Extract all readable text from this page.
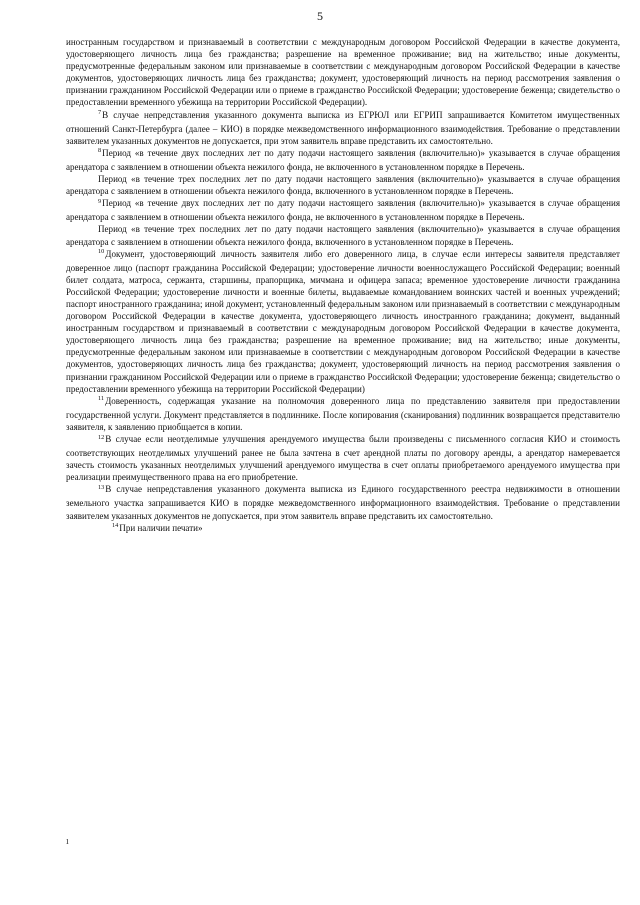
5

иностранным государством и признаваемый в соответствии с международным договором Российской Федерации в качестве документа, удостоверяющего личность лица без гражданства; разрешение на временное проживание; вид на жительство; иные документы, предусмотренные федеральным законом или признаваемые в соответствии с международным договором Российской Федерации в качестве документов, удостоверяющих личность лица без гражданства; документ, удостоверяющий личность на период рассмотрения заявления о признании гражданином Российской Федерации или о приеме в гражданство Российской Федерации; удостоверение беженца; свидетельство о предоставлении временного убежища на территории Российской Федерации).

$^7$В случае непредставления указанного документа выписка из ЕГРЮЛ или ЕГРИП запрашивается Комитетом имущественных отношений Санкт-Петербурга (далее – КИО) в порядке межведомственного информационного взаимодействия. Требование о представлении заявителем указанных документов не допускается, при этом заявитель вправе представить их самостоятельно.

$^8$Период «в течение двух последних лет по дату подачи настоящего заявления (включительно)» указывается в случае обращения арендатора с заявлением в отношении объекта нежилого фонда, не включенного в установленном порядке в Перечень.

Период «в течение трех последних лет по дату подачи настоящего заявления (включительно)» указывается в случае обращения арендатора с заявлением в отношении объекта нежилого фонда, включенного в установленном порядке в Перечень.

$^9$Период «в течение двух последних лет по дату подачи настоящего заявления (включительно)» указывается в случае обращения арендатора с заявлением в отношении объекта нежилого фонда, не включенного в установленном порядке в Перечень.

Период «в течение трех последних лет по дату подачи настоящего заявления (включительно)» указывается в случае обращения арендатора с заявлением в отношении объекта нежилого фонда, включенного в установленном порядке в Перечень.

$^{10}$Документ, удостоверяющий личность заявителя либо его доверенного лица, в случае если интересы заявителя представляет доверенное лицо (паспорт гражданина Российской Федерации; удостоверение личности военнослужащего Российской Федерации; военный билет солдата, матроса, сержанта, старшины, прапорщика, мичмана и офицера запаса; временное удостоверение личности гражданина Российской Федерации; удостоверение личности и военные билеты, выдаваемые командованием воинских частей и военных учреждений; паспорт иностранного гражданина; иной документ, установленный федеральным законом или признаваемый в соответствии с международным договором Российской Федерации в качестве документа, удостоверяющего личность иностранного гражданина; документ, выданный иностранным государством и признаваемый в соответствии с международным договором Российской Федерации в качестве документа, удостоверяющего личность лица без гражданства; разрешение на временное проживание; вид на жительство; иные документы, предусмотренные федеральным законом или признаваемые в соответствии с международным договором Российской Федерации в качестве документов, удостоверяющих личность лица без гражданства; документ, удостоверяющий личность на период рассмотрения заявления о признании гражданином Российской Федерации или о приеме в гражданство Российской Федерации; удостоверение беженца; свидетельство о предоставлении временного убежища на территории Российской Федерации)

$^{11}$Доверенность, содержащая указание на полномочия доверенного лица по представлению заявителя при предоставлении государственной услуги. Документ представляется в подлиннике. После копирования (сканирования) подлинник возвращается представителю заявителя, к заявлению приобщается в копии.

$^{12}$В случае если неотделимые улучшения арендуемого имущества были произведены с письменного согласия КИО и стоимость соответствующих неотделимых улучшений ранее не была зачтена в счет арендной платы по договору аренды, а арендатор намеревается зачесть стоимость указанных неотделимых улучшений арендуемого имущества в счет оплаты приобретаемого арендуемого имущества при реализации преимущественного права на его приобретение.

$^{13}$В случае непредставления указанного документа выписка из Единого государственного реестра недвижимости в отношении земельного участка запрашивается КИО в порядке межведомственного информационного взаимодействия. Требование о представлении заявителем указанных документов не допускается, при этом заявитель вправе представить их самостоятельно.

$^{14}$При наличии печати»

ı
